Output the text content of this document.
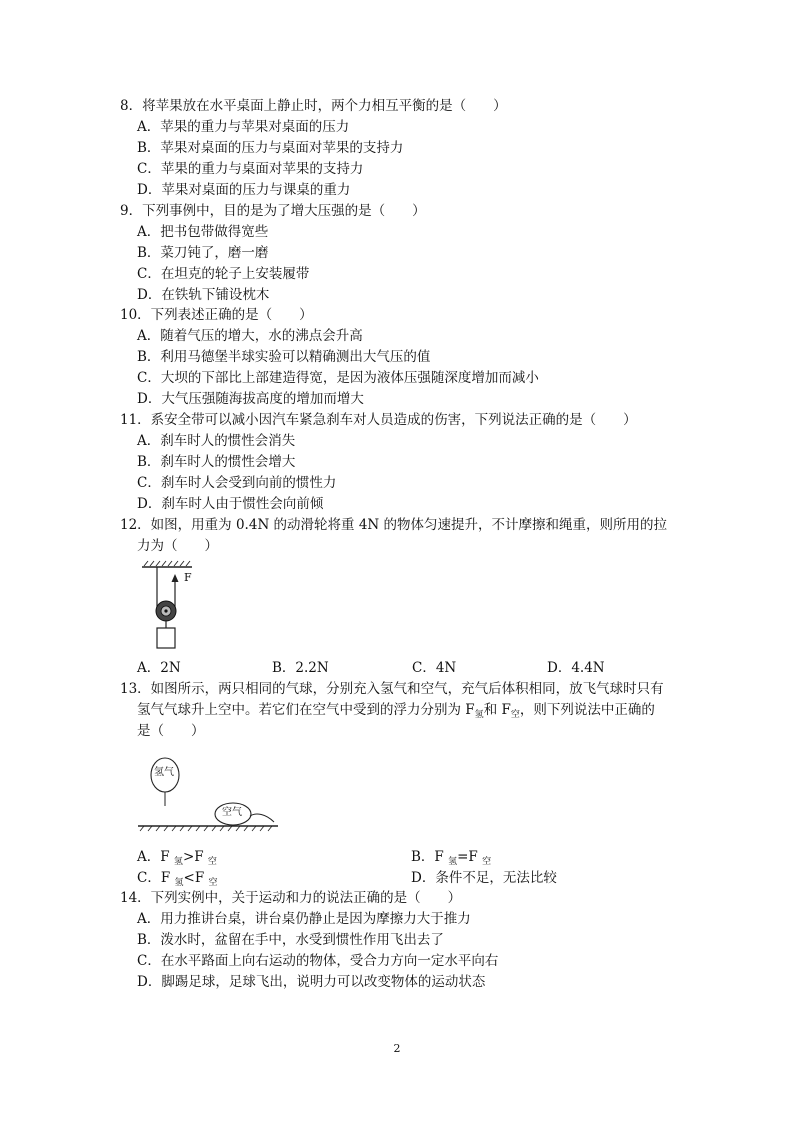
8．将苹果放在水平桌面上静止时，两个力相互平衡的是（　　）
A．苹果的重力与苹果对桌面的压力
B．苹果对桌面的压力与桌面对苹果的支持力
C．苹果的重力与桌面对苹果的支持力
D．苹果对桌面的压力与课桌的重力
9．下列事例中，目的是为了增大压强的是（　　）
A．把书包带做得宽些
B．菜刀钝了，磨一磨
C．在坦克的轮子上安装履带
D．在铁轨下铺设枕木
10．下列表述正确的是（　　）
A．随着气压的增大，水的沸点会升高
B．利用马德堡半球实验可以精确测出大气压的值
C．大坝的下部比上部建造得宽，是因为液体压强随深度增加而减小
D．大气压强随海拔高度的增加而增大
11．系安全带可以减小因汽车紧急刹车对人员造成的伤害，下列说法正确的是（　　）
A．刹车时人的惯性会消失
B．刹车时人的惯性会增大
C．刹车时人会受到向前的惯性力
D．刹车时人由于惯性会向前倾
12．如图，用重为 0.4N 的动滑轮将重 4N 的物体匀速提升，不计摩擦和绳重，则所用的拉
力为（　　）
F
A．2N	B．2.2N	C．4N	D．4.4N
13．如图所示，两只相同的气球，分别充入氢气和空气，充气后体积相同，放飞气球时只有
氢气气球升上空中。若它们在空气中受到的浮力分别为 $F_氢$和 $F_空$，则下列说法中正确的
是（　　）
氢气
空气
A．F $_氢$>F $_空$	B．F $_氢$=F $_空$
C．F $_氢$<F $_空$	D．条件不足，无法比较
14．下列实例中，关于运动和力的说法正确的是（　　）
A．用力推讲台桌，讲台桌仍静止是因为摩擦力大于推力
B．泼水时，盆留在手中，水受到惯性作用飞出去了
C．在水平路面上向右运动的物体，受合力方向一定水平向右
D．脚踢足球，足球飞出，说明力可以改变物体的运动状态
2
